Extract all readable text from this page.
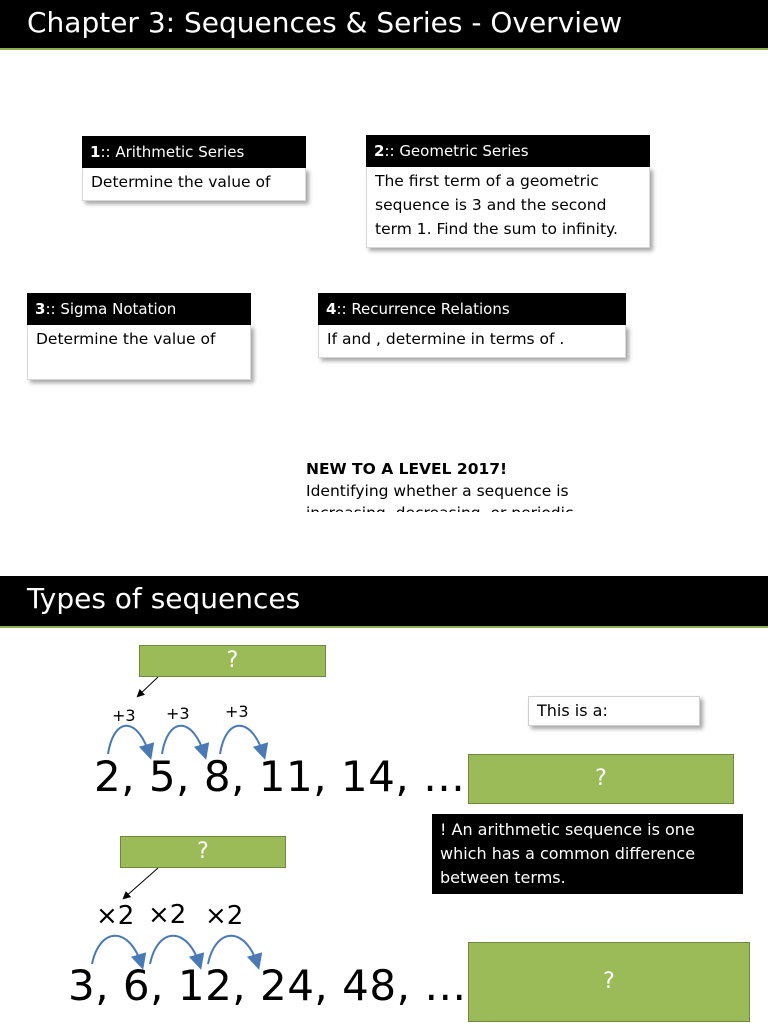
Chapter 3: Sequences & Series - Overview
1:: Arithmetic Series
Determine the value of
2:: Geometric Series
The first term of a geometric sequence is 3 and the second term 1. Find the sum to infinity.
3:: Sigma Notation
Determine the value of
4:: Recurrence Relations
If and , determine in terms of .
NEW TO A LEVEL 2017!
Identifying whether a sequence is
Types of sequences
?
+3 +3 +3
2, 5, 8, 11, 14, …
This is a:
?
! An arithmetic sequence is one which has a common difference between terms.
?
×2 ×2 ×2
3, 6, 12, 24, 48, …	?
